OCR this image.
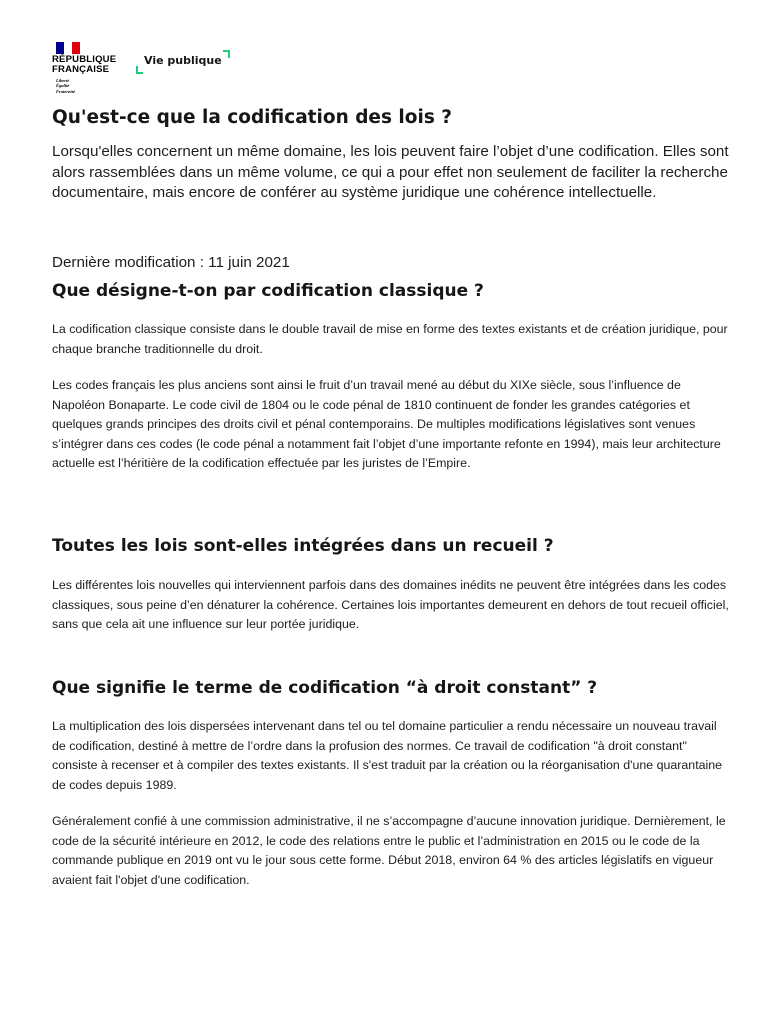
RÉPUBLIQUE
FRANÇAISE
Liberté
Égalité
Fraternité
Vie publique
Qu'est-ce que la codification des lois ?

Lorsqu'elles concernent un même domaine, les lois peuvent faire l’objet d’une codification. Elles sont alors rassemblées dans un même volume, ce qui a pour effet non seulement de faciliter la recherche documentaire, mais encore de conférer au système juridique une cohérence intellectuelle.

Dernière modification : 11 juin 2021

Que désigne-t-on par codification classique ?

La codification classique consiste dans le double travail de mise en forme des textes existants et de création juridique, pour chaque branche traditionnelle du droit.

Les codes français les plus anciens sont ainsi le fruit d’un travail mené au début du XIXe siècle, sous l’influence de Napoléon Bonaparte. Le code civil de 1804 ou le code pénal de 1810 continuent de fonder les grandes catégories et quelques grands principes des droits civil et pénal contemporains. De multiples modifications législatives sont venues s’intégrer dans ces codes (le code pénal a notamment fait l’objet d’une importante refonte en 1994), mais leur architecture actuelle est l’héritière de la codification effectuée par les juristes de l’Empire.

Toutes les lois sont-elles intégrées dans un recueil ?

Les différentes lois nouvelles qui interviennent parfois dans des domaines inédits ne peuvent être intégrées dans les codes classiques, sous peine d’en dénaturer la cohérence. Certaines lois importantes demeurent en dehors de tout recueil officiel, sans que cela ait une influence sur leur portée juridique.

Que signifie le terme de codification “à droit constant” ?

La multiplication des lois dispersées intervenant dans tel ou tel domaine particulier a rendu nécessaire un nouveau travail de codification, destiné à mettre de l’ordre dans la profusion des normes. Ce travail de codification "à droit constant" consiste à recenser et à compiler des textes existants. Il s'est traduit par la création ou la réorganisation d'une quarantaine de codes depuis 1989.

Généralement confié à une commission administrative, il ne s’accompagne d’aucune innovation juridique. Dernièrement, le code de la sécurité intérieure en 2012, le code des relations entre le public et l’administration en 2015 ou le code de la commande publique en 2019 ont vu le jour sous cette forme. Début 2018, environ 64 % des articles législatifs en vigueur avaient fait l'objet d'une codification.
